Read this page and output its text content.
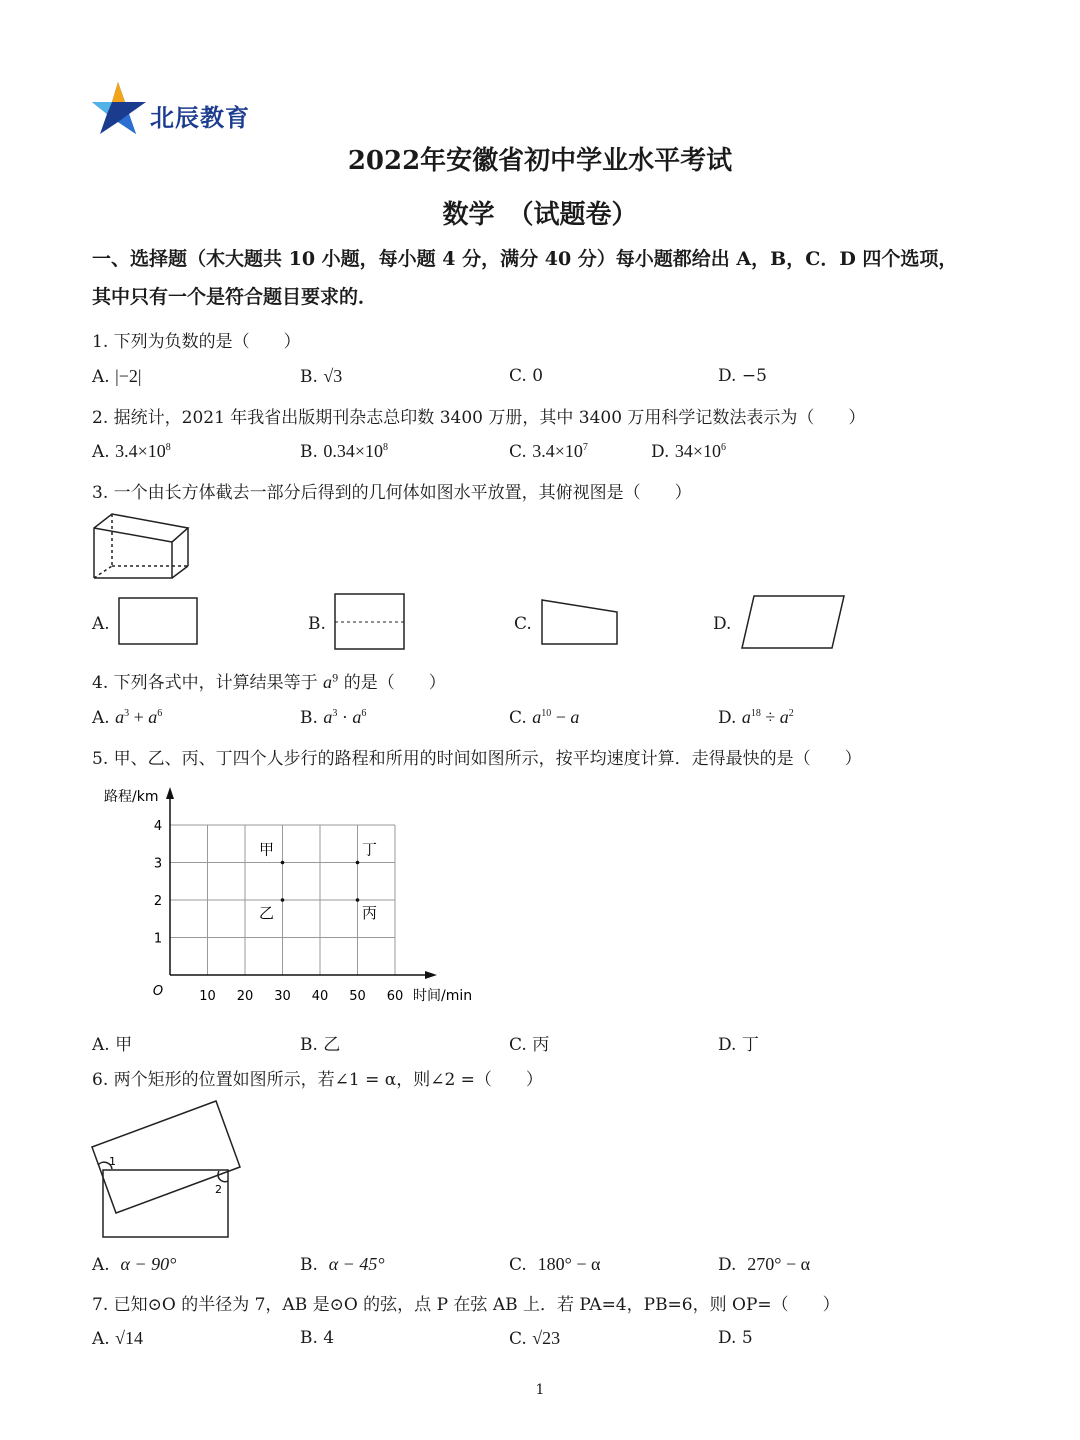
北辰教育
2022年安徽省初中学业水平考试
数学　（试题卷）
一、选择题（木大题共 10 小题，每小题 4 分，满分 40 分）每小题都给出 A，B，C．D 四个选项，
其中只有一个是符合题目要求的．
1. 下列为负数的是（　　）
A. |−2|	B. √3	C. 0	D. −5
2. 据统计，2021 年我省出版期刊杂志总印数 3400 万册，其中 3400 万用科学记数法表示为（　　）
A. $3.4\times 10^8$	B. $0.34\times 10^8$	C. $3.4\times 10^7$	D. $34\times 10^6$
3. 一个由长方体截去一部分后得到的几何体如图水平放置，其俯视图是（　　）
A.	B.	C.	D.
4. 下列各式中，计算结果等于 $a^9$ 的是（　　）
A. $a^3 + a^6$	B. $a^3 \cdot a^6$	C. $a^{10} - a$	D. $a^{18} \div a^2$
5. 甲、乙、丙、丁四个人步行的路程和所用的时间如图所示，按平均速度计算．走得最快的是（　　）
10 20 30 40 50 60
1
2
3
4
O
路程/km
时间/min
甲
乙	丙
丁
A. 甲	B. 乙	C. 丙	D. 丁
6. 两个矩形的位置如图所示，若∠1 = α，则∠2 =（　　）
1
2
A. α − 90°	B. α − 45°	C. 180° − α	D. 270° − α
7. 已知⊙O 的半径为 7，AB 是⊙O 的弦，点 P 在弦 AB 上．若 PA=4，PB=6，则 OP=（　　）
A. √14	B. 4	C. √23	D. 5
1
